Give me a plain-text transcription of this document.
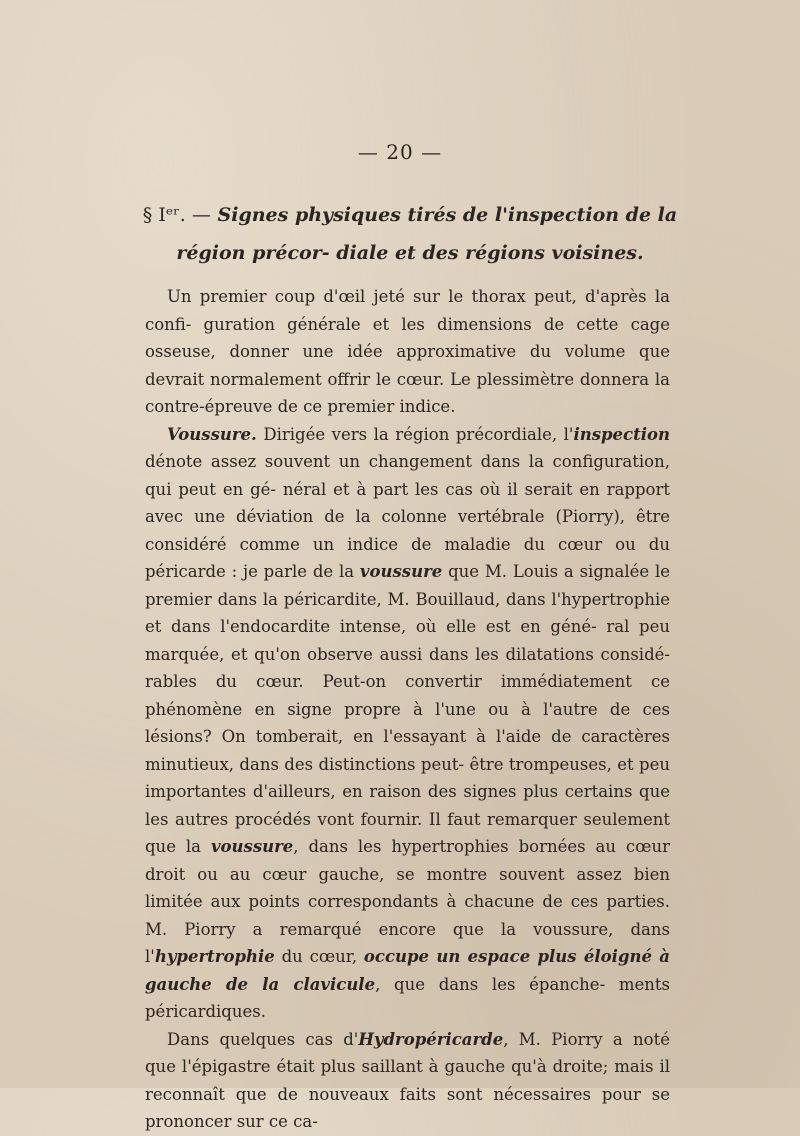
— 20 —
§ Iᵉʳ. — Signes physiques tirés de l'inspection de la région précor- diale et des régions voisines.

Un premier coup d'œil jeté sur le thorax peut, d'après la confi- guration générale et les dimensions de cette cage osseuse, donner une idée approximative du volume que devrait normalement offrir le cœur. Le plessimètre donnera la contre-épreuve de ce premier indice.

Voussure. Dirigée vers la région précordiale, l'inspection dénote assez souvent un changement dans la configuration, qui peut en gé- néral et à part les cas où il serait en rapport avec une déviation de la colonne vertébrale (Piorry), être considéré comme un indice de maladie du cœur ou du péricarde : je parle de la voussure que M. Louis a signalée le premier dans la péricardite, M. Bouillaud, dans l'hypertrophie et dans l'endocardite intense, où elle est en géné- ral peu marquée, et qu'on observe aussi dans les dilatations considé- rables du cœur. Peut-on convertir immédiatement ce phénomène en signe propre à l'une ou à l'autre de ces lésions? On tomberait, en l'essayant à l'aide de caractères minutieux, dans des distinctions peut- être trompeuses, et peu importantes d'ailleurs, en raison des signes plus certains que les autres procédés vont fournir. Il faut remarquer seulement que la voussure, dans les hypertrophies bornées au cœur droit ou au cœur gauche, se montre souvent assez bien limitée aux points correspondants à chacune de ces parties. M. Piorry a remarqué encore que la voussure, dans l'hypertrophie du cœur, occupe un espace plus éloigné à gauche de la clavicule, que dans les épanche- ments péricardiques.

Dans quelques cas d'Hydropéricarde, M. Piorry a noté que l'épigastre était plus saillant à gauche qu'à droite; mais il reconnaît que de nouveaux faits sont nécessaires pour se prononcer sur ce ca-
